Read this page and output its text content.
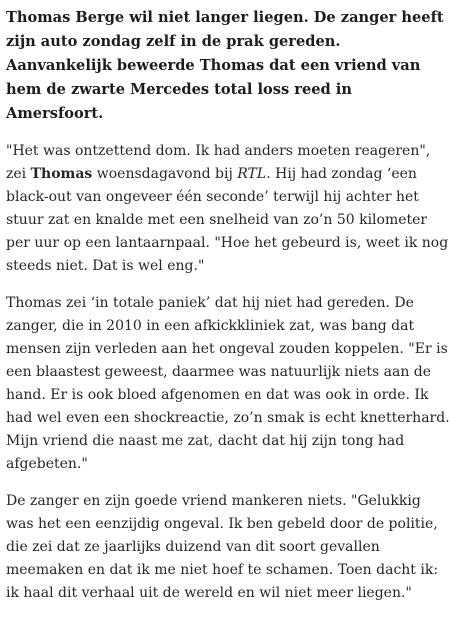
Thomas Berge wil niet langer liegen. De zanger heeft zijn auto zondag zelf in de prak gereden. Aanvankelijk beweerde Thomas dat een vriend van hem de zwarte Mercedes total loss reed in Amersfoort.

"Het was ontzettend dom. Ik had anders moeten reageren", zei Thomas woensdagavond bij RTL. Hij had zondag ‘een black-out van ongeveer één seconde’ terwijl hij achter het stuur zat en knalde met een snelheid van zo’n 50 kilometer per uur op een lantaarnpaal. "Hoe het gebeurd is, weet ik nog steeds niet. Dat is wel eng."

Thomas zei ‘in totale paniek’ dat hij niet had gereden. De zanger, die in 2010 in een afkickkliniek zat, was bang dat mensen zijn verleden aan het ongeval zouden koppelen. "Er is een blaastest geweest, daarmee was natuurlijk niets aan de hand. Er is ook bloed afgenomen en dat was ook in orde. Ik had wel even een shockreactie, zo’n smak is echt knetterhard. Mijn vriend die naast me zat, dacht dat hij zijn tong had afgebeten."

De zanger en zijn goede vriend mankeren niets. "Gelukkig was het een eenzijdig ongeval. Ik ben gebeld door de politie, die zei dat ze jaarlijks duizend van dit soort gevallen meemaken en dat ik me niet hoef te schamen. Toen dacht ik: ik haal dit verhaal uit de wereld en wil niet meer liegen."
